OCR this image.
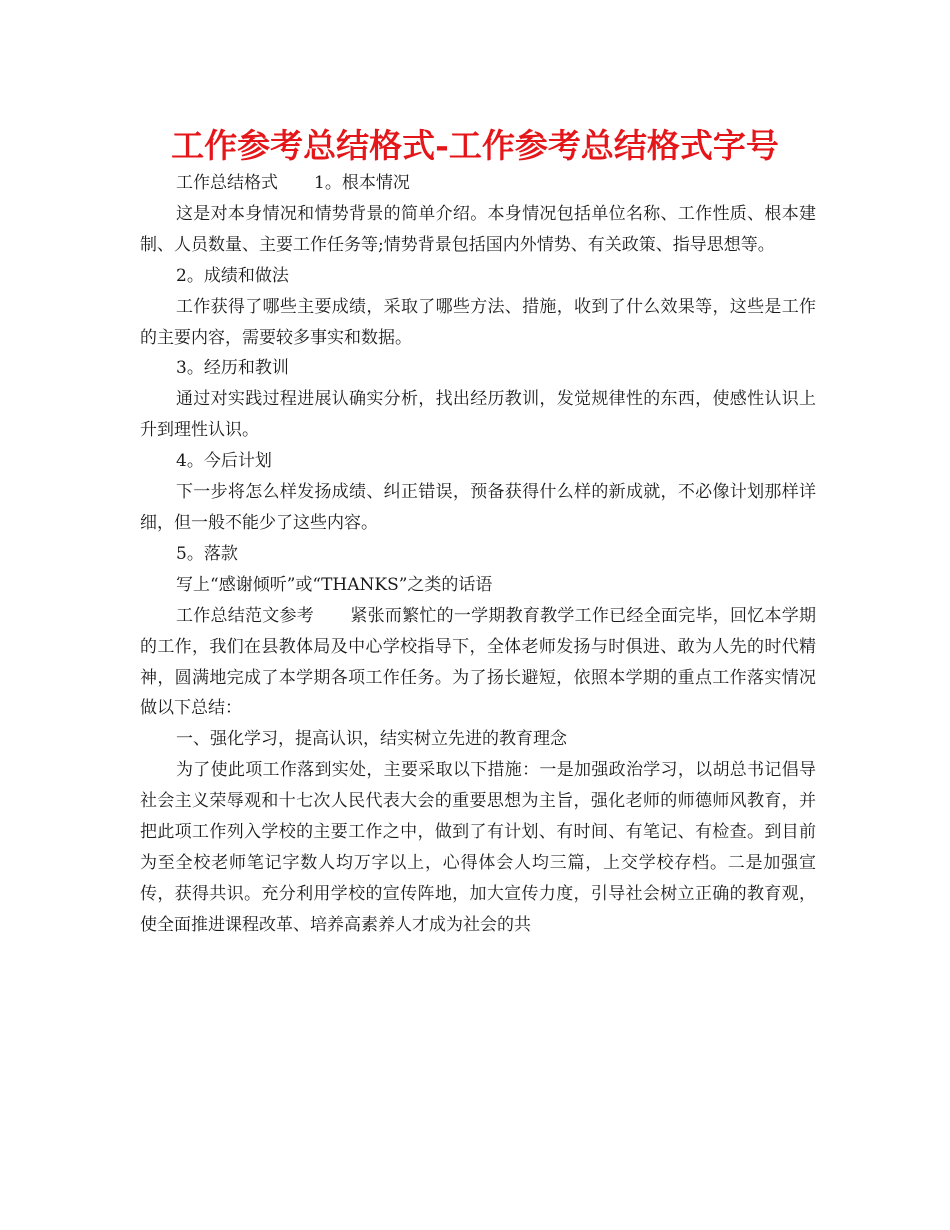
工作参考总结格式-工作参考总结格式字号

工作总结格式 1。根本情况

这是对本身情况和情势背景的简单介绍。本身情况包括单位名称、工作性质、根本建制、人员数量、主要工作任务等;情势背景包括国内外情势、有关政策、指导思想等。

2。成绩和做法

工作获得了哪些主要成绩，采取了哪些方法、措施，收到了什么效果等，这些是工作的主要内容，需要较多事实和数据。

3。经历和教训

通过对实践过程进展认确实分析，找出经历教训，发觉规律性的东西，使感性认识上升到理性认识。

4。今后计划

下一步将怎么样发扬成绩、纠正错误，预备获得什么样的新成就，不必像计划那样详细，但一般不能少了这些内容。

5。落款

写上“感谢倾听”或“THANKS”之类的话语

工作总结范文参考 紧张而繁忙的一学期教育教学工作已经全面完毕，回忆本学期的工作，我们在县教体局及中心学校指导下，全体老师发扬与时俱进、敢为人先的时代精神，圆满地完成了本学期各项工作任务。为了扬长避短，依照本学期的重点工作落实情况做以下总结：

一、强化学习，提高认识，结实树立先进的教育理念

为了使此项工作落到实处，主要采取以下措施：一是加强政治学习，以胡总书记倡导社会主义荣辱观和十七次人民代表大会的重要思想为主旨，强化老师的师德师风教育，并把此项工作列入学校的主要工作之中，做到了有计划、有时间、有笔记、有检查。到目前为至全校老师笔记字数人均万字以上，心得体会人均三篇，上交学校存档。二是加强宣传，获得共识。充分利用学校的宣传阵地，加大宣传力度，引导社会树立正确的教育观，使全面推进课程改革、培养高素养人才成为社会的共
